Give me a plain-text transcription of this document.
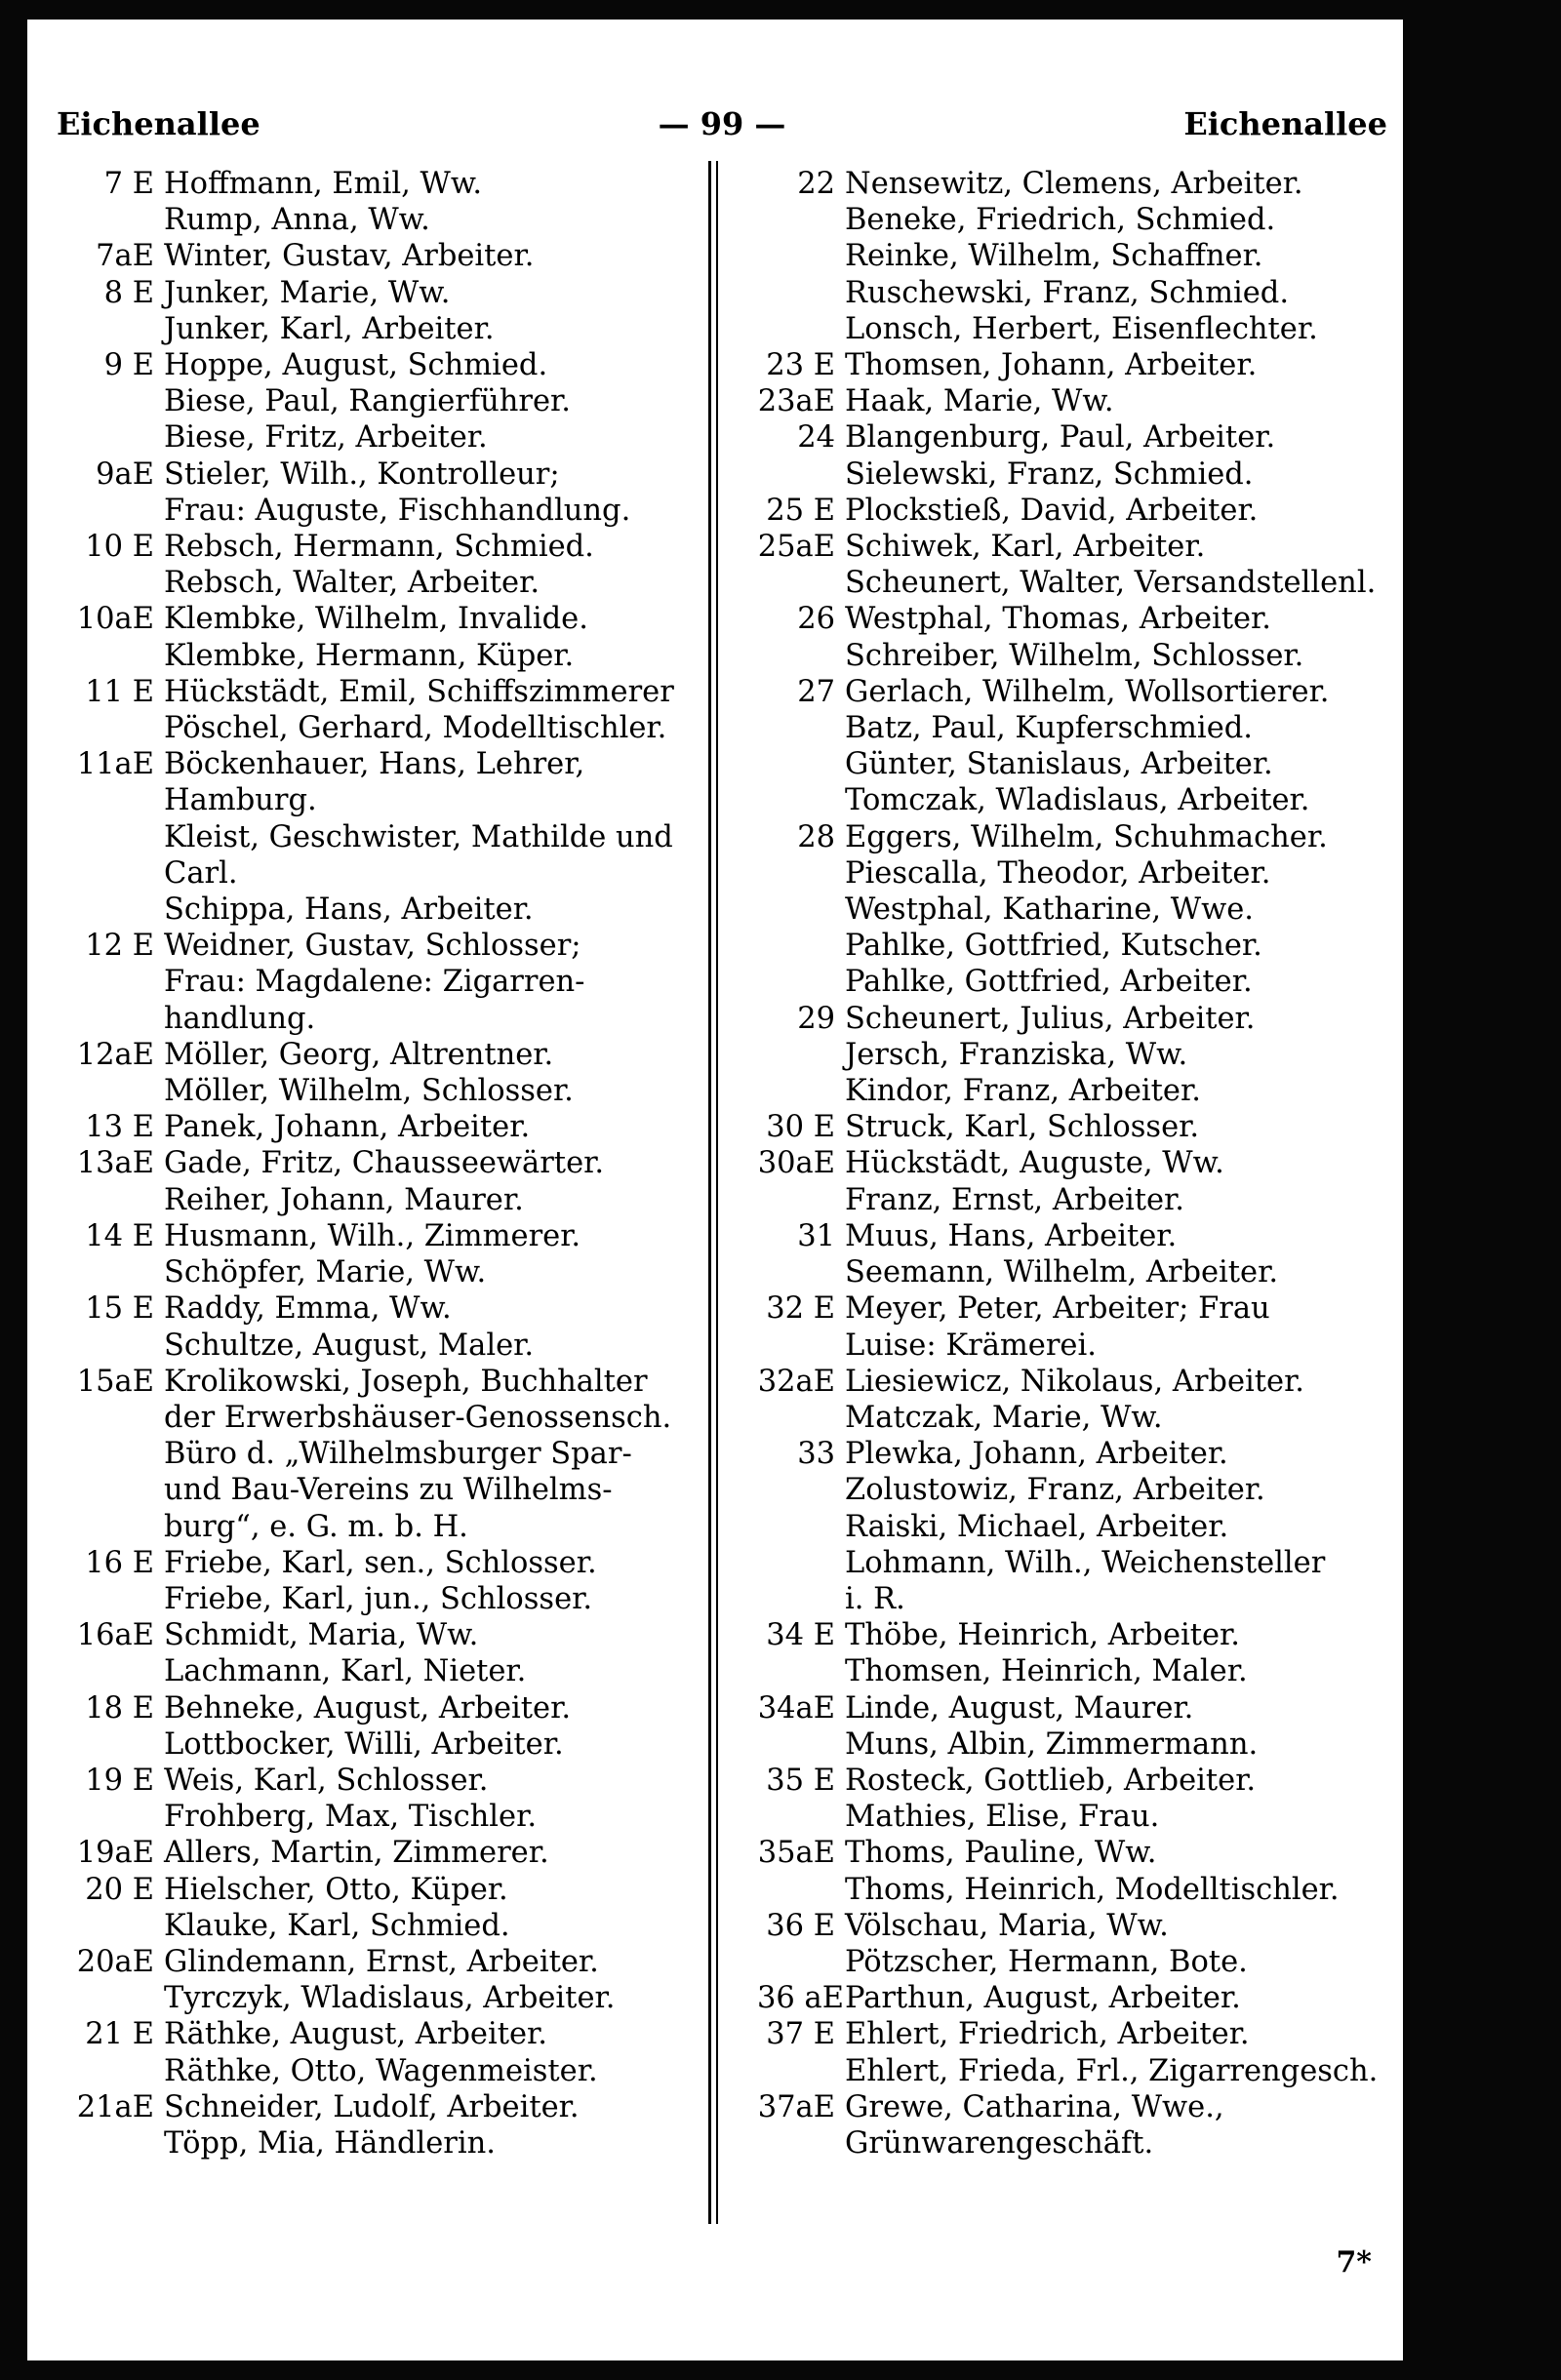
Eichenallee	— 99 —	Eichenallee
7 E Hoffmann, Emil, Ww.
Rump, Anna, Ww.
7aE Winter, Gustav, Arbeiter.
8 E Junker, Marie, Ww.
Junker, Karl, Arbeiter.
9 E Hoppe, August, Schmied.
Biese, Paul, Rangierführer.
Biese, Fritz, Arbeiter.
9aE Stieler, Wilh., Kontrolleur;
Frau: Auguste, Fischhandlung.
10 E Rebsch, Hermann, Schmied.
Rebsch, Walter, Arbeiter.
10aE Klembke, Wilhelm, Invalide.
Klembke, Hermann, Küper.
11 E Hückstädt, Emil, Schiffszimmerer
Pöschel, Gerhard, Modelltischler.
11aE Böckenhauer, Hans, Lehrer,
Hamburg.
Kleist, Geschwister, Mathilde und
Carl.
Schippa, Hans, Arbeiter.
12 E Weidner, Gustav, Schlosser;
Frau: Magdalene: Zigarren-
handlung.
12aE Möller, Georg, Altrentner.
Möller, Wilhelm, Schlosser.
13 E Panek, Johann, Arbeiter.
13aE Gade, Fritz, Chausseewärter.
Reiher, Johann, Maurer.
14 E Husmann, Wilh., Zimmerer.
Schöpfer, Marie, Ww.
15 E Raddy, Emma, Ww.
Schultze, August, Maler.
15aE Krolikowski, Joseph, Buchhalter
der Erwerbshäuser-Genossensch.
Büro d. „Wilhelmsburger Spar-
und Bau-Vereins zu Wilhelms-
burg“, e. G. m. b. H.
16 E Friebe, Karl, sen., Schlosser.
Friebe, Karl, jun., Schlosser.
16aE Schmidt, Maria, Ww.
Lachmann, Karl, Nieter.
18 E Behneke, August, Arbeiter.
Lottbocker, Willi, Arbeiter.
19 E Weis, Karl, Schlosser.
Frohberg, Max, Tischler.
19aE Allers, Martin, Zimmerer.
20 E Hielscher, Otto, Küper.
Klauke, Karl, Schmied.
20aE Glindemann, Ernst, Arbeiter.
Tyrczyk, Wladislaus, Arbeiter.
21 E Räthke, August, Arbeiter.
Räthke, Otto, Wagenmeister.
21aE Schneider, Ludolf, Arbeiter.
Töpp, Mia, Händlerin.
22 Nensewitz, Clemens, Arbeiter.
Beneke, Friedrich, Schmied.
Reinke, Wilhelm, Schaffner.
Ruschewski, Franz, Schmied.
Lonsch, Herbert, Eisenflechter.
23 E Thomsen, Johann, Arbeiter.
23aE Haak, Marie, Ww.
24 Blangenburg, Paul, Arbeiter.
Sielewski, Franz, Schmied.
25 E Plockstieß, David, Arbeiter.
25aE Schiwek, Karl, Arbeiter.
Scheunert, Walter, Versandstellenl.
26 Westphal, Thomas, Arbeiter.
Schreiber, Wilhelm, Schlosser.
27 Gerlach, Wilhelm, Wollsortierer.
Batz, Paul, Kupferschmied.
Günter, Stanislaus, Arbeiter.
Tomczak, Wladislaus, Arbeiter.
28 Eggers, Wilhelm, Schuhmacher.
Piescalla, Theodor, Arbeiter.
Westphal, Katharine, Wwe.
Pahlke, Gottfried, Kutscher.
Pahlke, Gottfried, Arbeiter.
29 Scheunert, Julius, Arbeiter.
Jersch, Franziska, Ww.
Kindor, Franz, Arbeiter.
30 E Struck, Karl, Schlosser.
30aE Hückstädt, Auguste, Ww.
Franz, Ernst, Arbeiter.
31 Muus, Hans, Arbeiter.
Seemann, Wilhelm, Arbeiter.
32 E Meyer, Peter, Arbeiter; Frau
Luise: Krämerei.
32aE Liesiewicz, Nikolaus, Arbeiter.
Matczak, Marie, Ww.
33 Plewka, Johann, Arbeiter.
Zolustowiz, Franz, Arbeiter.
Raiski, Michael, Arbeiter.
Lohmann, Wilh., Weichensteller
i. R.
34 E Thöbe, Heinrich, Arbeiter.
Thomsen, Heinrich, Maler.
34aE Linde, August, Maurer.
Muns, Albin, Zimmermann.
35 E Rosteck, Gottlieb, Arbeiter.
Mathies, Elise, Frau.
35aE Thoms, Pauline, Ww.
Thoms, Heinrich, Modelltischler.
36 E Völschau, Maria, Ww.
Pötzscher, Hermann, Bote.
36 aE Parthun, August, Arbeiter.
37 E Ehlert, Friedrich, Arbeiter.
Ehlert, Frieda, Frl., Zigarrengesch.
37aE Grewe, Catharina, Wwe.,
Grünwarengeschäft.
7*
